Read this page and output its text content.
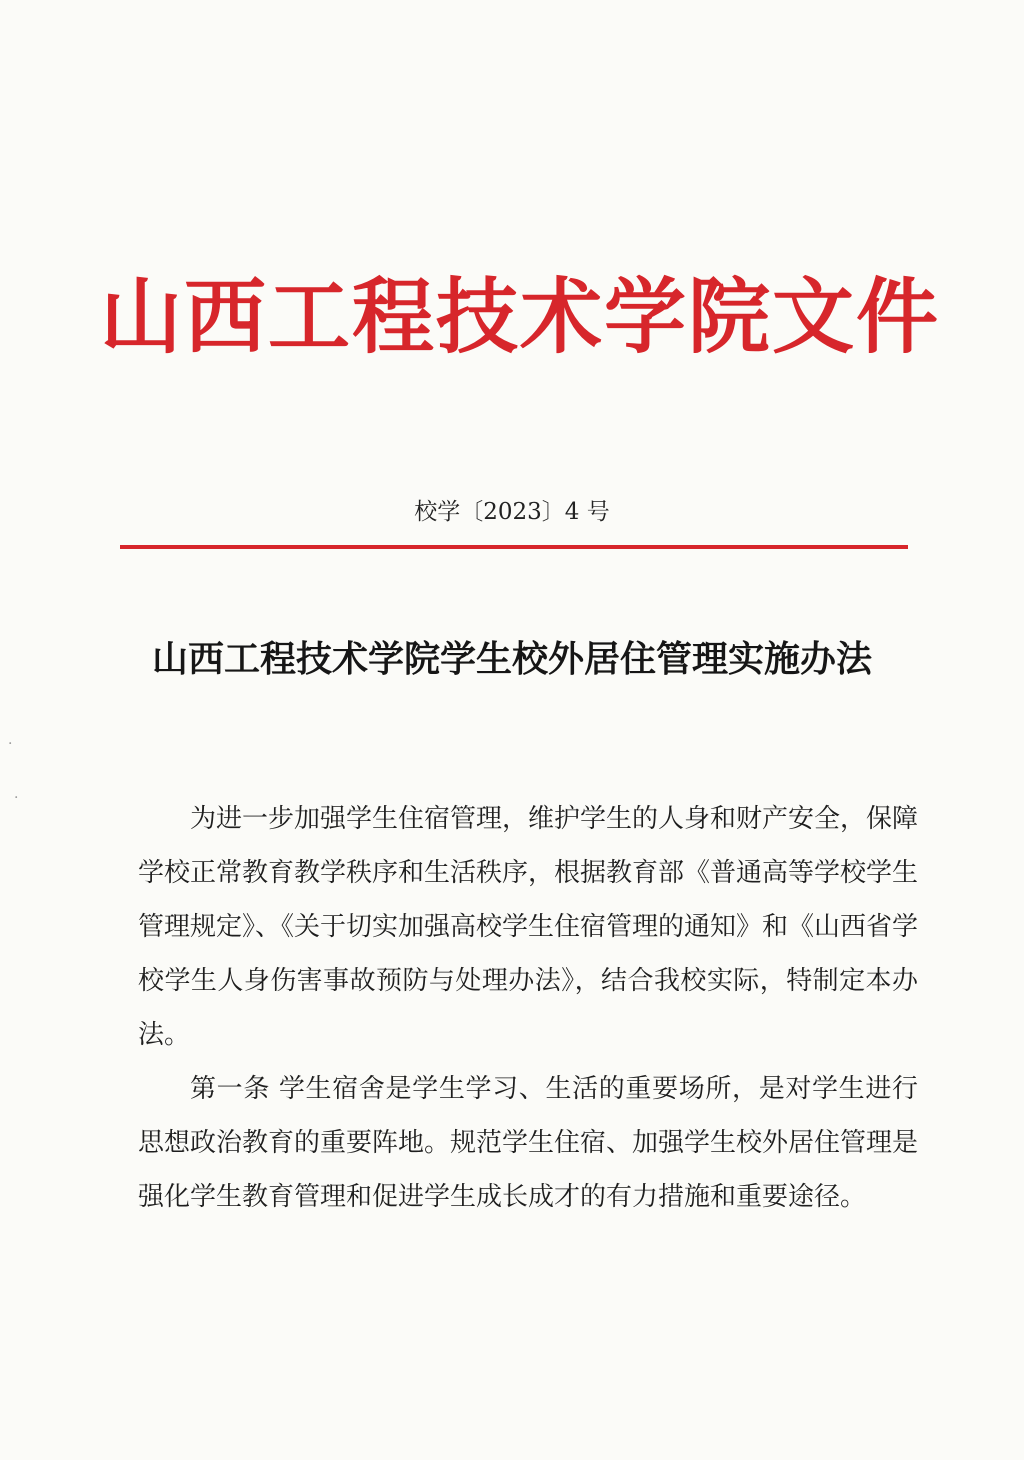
山西工程技术学院文件
校学〔2023〕4 号
山西工程技术学院学生校外居住管理实施办法

为进一步加强学生住宿管理，维护学生的人身和财产安全，保障学校正常教育教学秩序和生活秩序，根据教育部《普通高等学校学生管理规定》、《关于切实加强高校学生住宿管理的通知》和《山西省学校学生人身伤害事故预防与处理办法》，结合我校实际，特制定本办法。

第一条 学生宿舍是学生学习、生活的重要场所，是对学生进行思想政治教育的重要阵地。规范学生住宿、加强学生校外居住管理是强化学生教育管理和促进学生成长成才的有力措施和重要途径。

·
·
